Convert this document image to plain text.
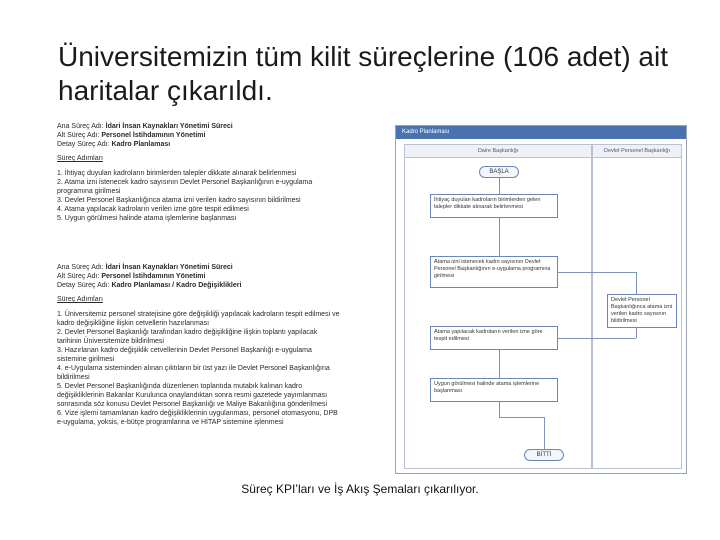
Üniversitemizin tüm kilit süreçlerine (106 adet) ait haritalar çıkarıldı.

Ana Süreç Adı: İdari İnsan Kaynakları Yönetimi Süreci

Alt Süreç Adı: Personel İstihdamının Yönetimi

Detay Süreç Adı: Kadro Planlaması

Süreç Adımları

1. İhtiyaç duyulan kadroların birimlerden talepler dikkate alınarak belirlenmesi

2. Atama izni istenecek kadro sayısının Devlet Personel Başkanlığının e-uygulama programına girilmesi

3. Devlet Personel Başkanlığınca atama izni verilen kadro sayısının bildirilmesi

4. Atama yapılacak kadroların verilen izne göre tespit edilmesi

5. Uygun görülmesi halinde atama işlemlerine başlanması

Ana Süreç Adı: İdari İnsan Kaynakları Yönetimi Süreci

Alt Süreç Adı: Personel İstihdamının Yönetimi

Detay Süreç Adı: Kadro Planlaması / Kadro Değişiklikleri

Süreç Adımları

1. Üniversitemiz personel stratejisine göre değişikliği yapılacak kadroların tespit edilmesi ve kadro değişikliğine ilişkin cetvellerin hazırlanması

2. Devlet Personel Başkanlığı tarafından kadro değişikliğine ilişkin toplantı yapılacak tarihinin Üniversitemize bildirilmesi

3. Hazırlanan kadro değişiklik cetvellerinin Devlet Personel Başkanlığı e-uygulama sistemine girilmesi

4. e-Uygulama sisteminden alınan çıktıların bir üst yazı ile Devlet Personel Başkanlığına bildirilmesi

5. Devlet Personel Başkanlığında düzenlenen toplantıda mutabık kalınan kadro değişikliklerinin Bakanlar Kurulunca onaylandıktan sonra resmi gazetede yayımlanması sonrasında söz konusu Devlet Personel Başkanlığı ve Maliye Bakanlığına gönderilmesi

6. Vize işlemi tamamlanan kadro değişikliklerinin uygulanması, personel otomasyonu, DPB e-uygulama, yoksis, e-bütçe programlarına ve HİTAP sistemine işlenmesi

Kadro Planlaması
Daire Başkanlığı	Devlet Personel Başkanlığı
BAŞLA
İhtiyaç duyulan kadroların birimlerden gelen talepler dikkate alınarak belirlenmesi
Atama izni istenecek kadro sayısının Devlet Personel Başkanlığının e-uygulama programına girilmesi
Devlet Personel Başkanlığınca atama izni verilen kadro sayısının bildirilmesi
Atama yapılacak kadroların verilen izne göre tespit edilmesi
Uygun görülmesi halinde atama işlemlerine başlanması
BİTTİ
Süreç KPI’ları ve İş Akış Şemaları çıkarılıyor.
